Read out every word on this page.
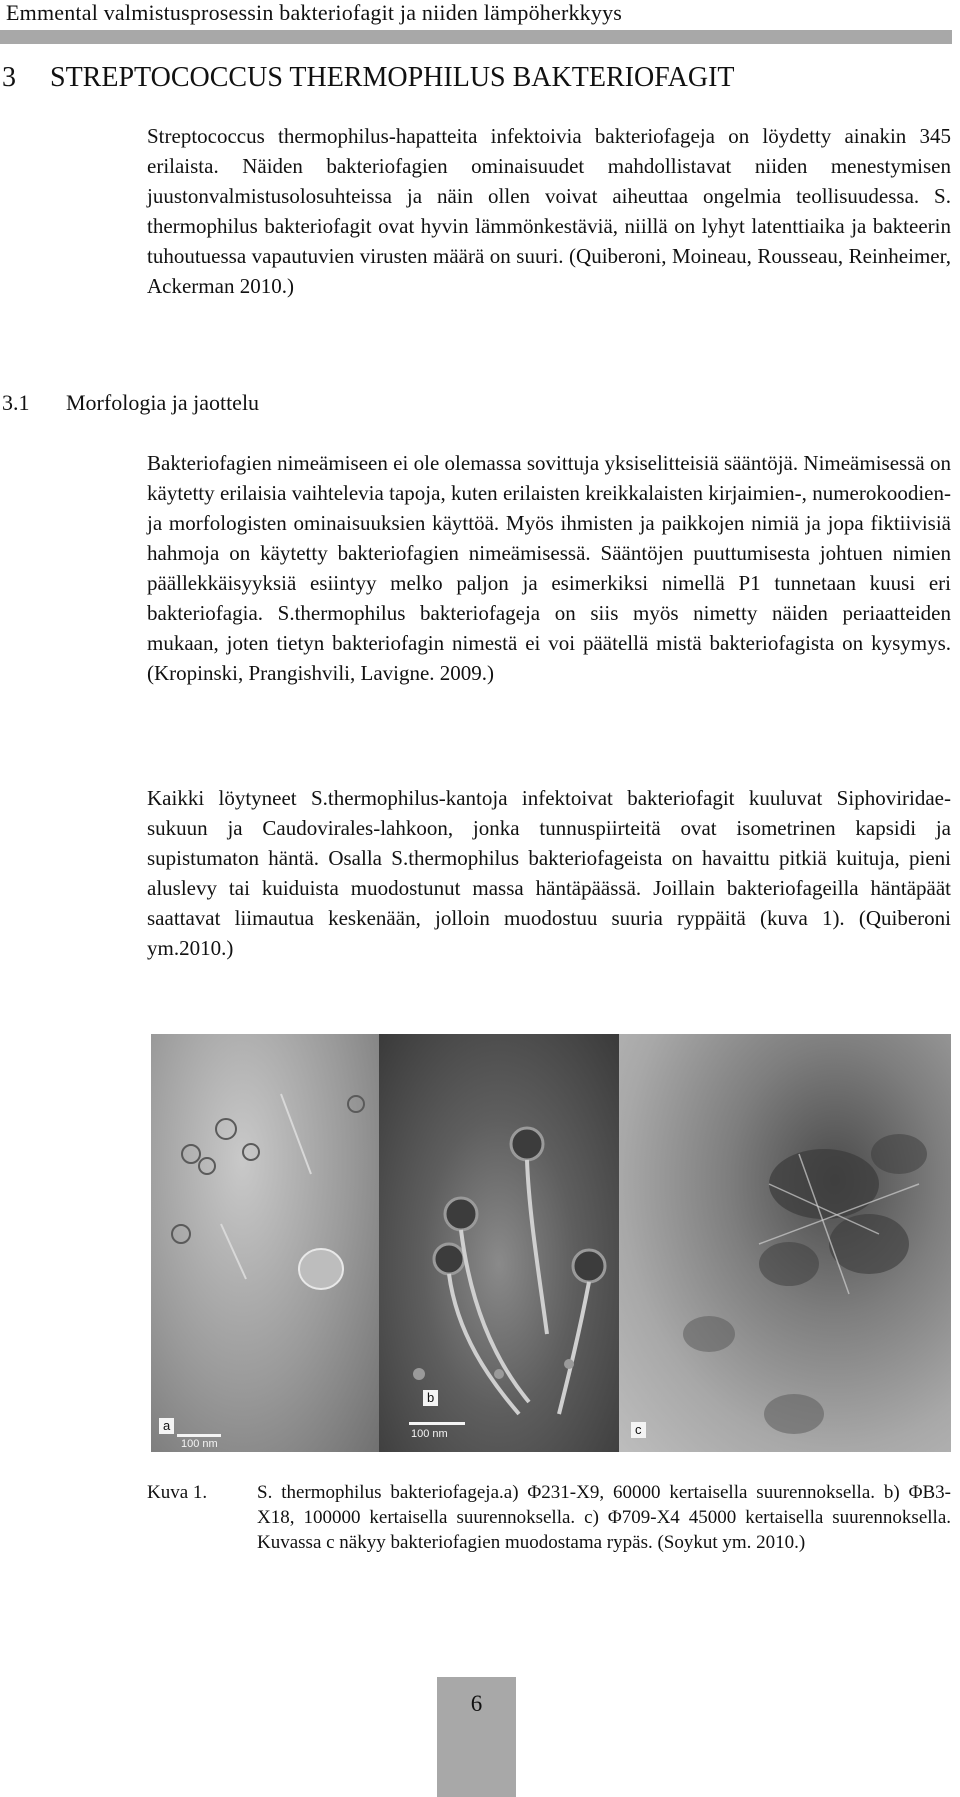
Emmental valmistusprosessin bakteriofagit ja niiden lämpöherkkyys
3 STREPTOCOCCUS THERMOPHILUS BAKTERIOFAGIT

Streptococcus thermophilus-hapatteita infektoivia bakteriofageja on löydetty ainakin 345 erilaista. Näiden bakteriofagien ominaisuudet mahdollistavat niiden menestymisen juustonvalmistusolosuhteissa ja näin ollen voivat aiheuttaa ongelmia teollisuudessa. S. thermophilus bakteriofagit ovat hyvin lämmönkestäviä, niillä on lyhyt latenttiaika ja bakteerin tuhoutuessa vapautuvien virusten määrä on suuri. (Quiberoni, Moineau, Rousseau, Reinheimer, Ackerman 2010.)

3.1 Morfologia ja jaottelu

Bakteriofagien nimeämiseen ei ole olemassa sovittuja yksiselitteisiä sääntöjä. Nimeämisessä on käytetty erilaisia vaihtelevia tapoja, kuten erilaisten kreikkalaisten kirjaimien-, numerokoodien- ja morfologisten ominaisuuksien käyttöä. Myös ihmisten ja paikkojen nimiä ja jopa fiktiivisiä hahmoja on käytetty bakteriofagien nimeämisessä. Sääntöjen puuttumisesta johtuen nimien päällekkäisyyksiä esiintyy melko paljon ja esimerkiksi nimellä P1 tunnetaan kuusi eri bakteriofagia. S.thermophilus bakteriofageja on siis myös nimetty näiden periaatteiden mukaan, joten tietyn bakteriofagin nimestä ei voi päätellä mistä bakteriofagista on kysymys. (Kropinski, Prangishvili, Lavigne. 2009.)

Kaikki löytyneet S.thermophilus-kantoja infektoivat bakteriofagit kuuluvat Siphoviridae-sukuun ja Caudovirales-lahkoon, jonka tunnuspiirteitä ovat isometrinen kapsidi ja supistumaton häntä. Osalla S.thermophilus bakteriofageista on havaittu pitkiä kuituja, pieni aluslevy tai kuiduista muodostunut massa häntäpäässä. Joillain bakteriofageilla häntäpäät saattavat liimautua keskenään, jolloin muodostuu suuria ryppäitä (kuva 1). (Quiberoni ym.2010.)

a
100 nm
b
100 nm	c
Kuva 1.	S. thermophilus bakteriofageja.a) Φ231-X9, 60000 kertaisella suurennoksella. b) ΦB3-X18, 100000 kertaisella suurennoksella. c) Φ709-X4 45000 kertaisella suurennoksella. Kuvassa c näkyy bakteriofagien muodostama rypäs. (Soykut ym. 2010.)

6
